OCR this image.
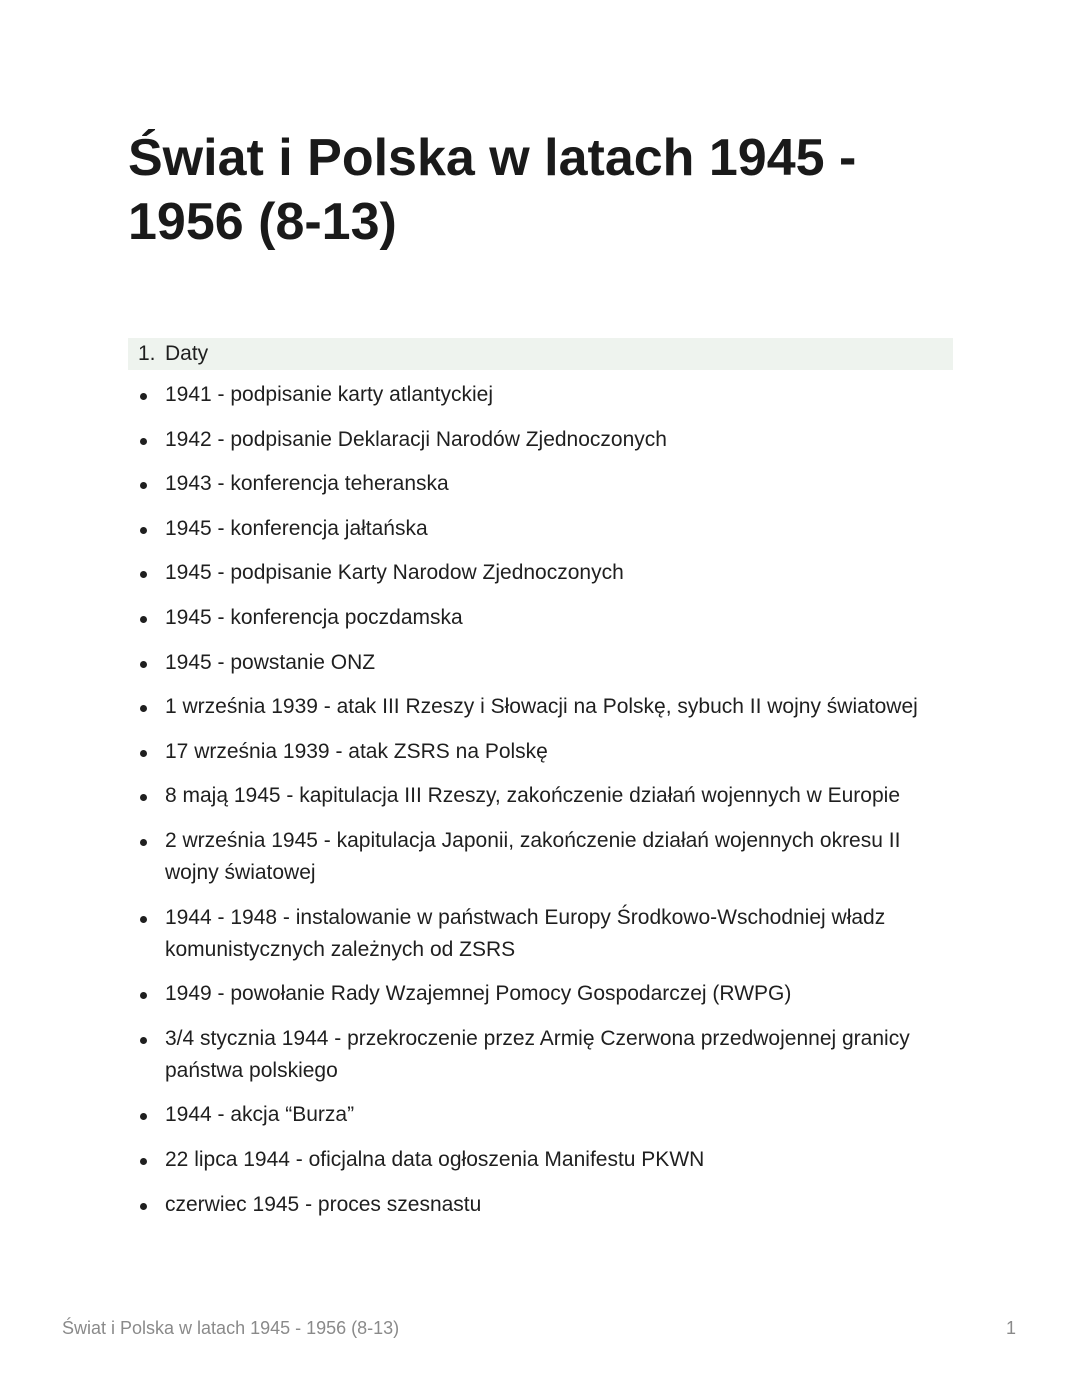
Świat i Polska w latach 1945 - 1956 (8-13)
1. Daty
1941 - podpisanie karty atlantyckiej
1942 - podpisanie Deklaracji Narodów Zjednoczonych
1943 - konferencja teheranska
1945 - konferencja jałtańska
1945 - podpisanie Karty Narodow Zjednoczonych
1945 - konferencja poczdamska
1945 - powstanie ONZ
1 września 1939 - atak III Rzeszy i Słowacji na Polskę, sybuch II wojny światowej
17 września 1939 - atak ZSRS na Polskę
8 mają 1945 - kapitulacja III Rzeszy, zakończenie działań wojennych w Europie
2 września 1945 - kapitulacja Japonii, zakończenie działań wojennych okresu II wojny światowej
1944 - 1948 - instalowanie w państwach Europy Środkowo-Wschodniej władz komunistycznych zależnych od ZSRS
1949 - powołanie Rady Wzajemnej Pomocy Gospodarczej (RWPG)
3/4 stycznia 1944 - przekroczenie przez Armię Czerwona przedwojennej granicy państwa polskiego
1944 - akcja “Burza”
22 lipca 1944 - oficjalna data ogłoszenia Manifestu PKWN
czerwiec 1945 - proces szesnastu
Świat i Polska w latach 1945 - 1956 (8-13)	1
